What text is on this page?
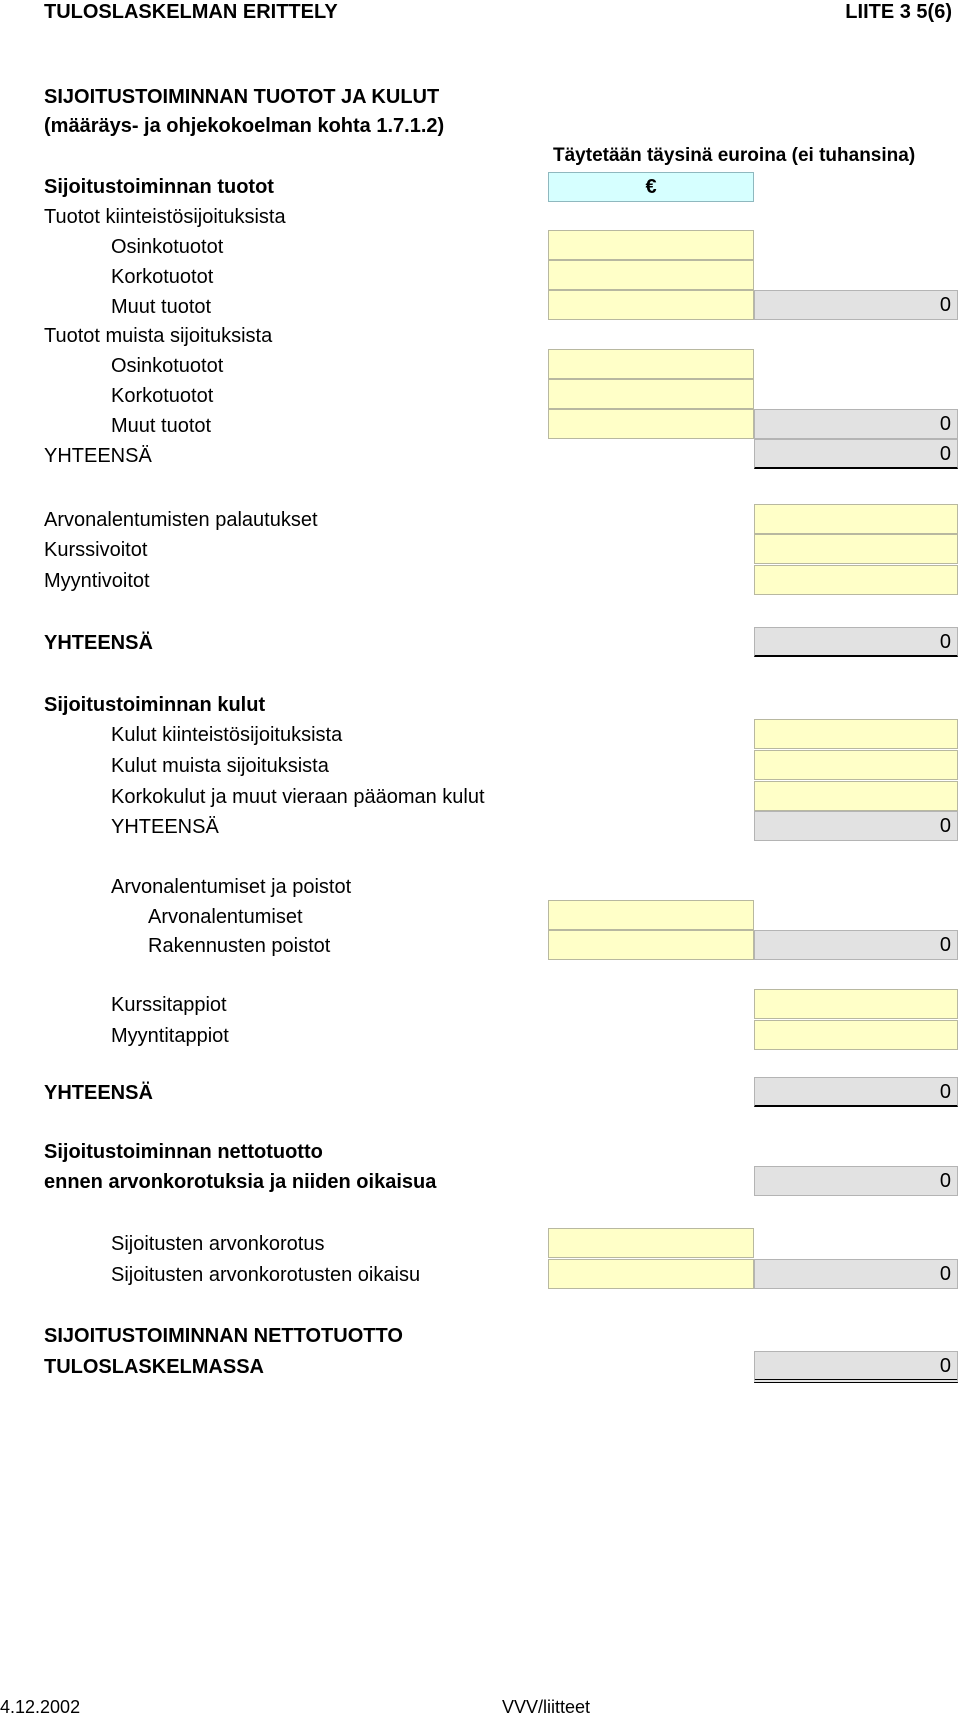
TULOSLASKELMAN ERITTELY	LIITE 3 5(6)
SIJOITUSTOIMINNAN TUOTOT JA KULUT
(määräys- ja ohjekokoelman kohta 1.7.1.2)
Täytetään täysinä euroina (ei tuhansina)
Sijoitustoiminnan tuotot	€
Tuotot kiinteistösijoituksista
Osinkotuotot
Korkotuotot
Muut tuotot	0
Tuotot muista sijoituksista
Osinkotuotot
Korkotuotot
Muut tuotot	0
YHTEENSÄ	0
Arvonalentumisten palautukset
Kurssivoitot
Myyntivoitot
YHTEENSÄ	0
Sijoitustoiminnan kulut
Kulut kiinteistösijoituksista
Kulut muista sijoituksista
Korkokulut ja muut vieraan pääoman kulut
YHTEENSÄ	0
Arvonalentumiset ja poistot
Arvonalentumiset
Rakennusten poistot	0
Kurssitappiot
Myyntitappiot
YHTEENSÄ	0
Sijoitustoiminnan nettotuotto
ennen arvonkorotuksia ja niiden oikaisua	0
Sijoitusten arvonkorotus
Sijoitusten arvonkorotusten oikaisu	0
SIJOITUSTOIMINNAN NETTOTUOTTO
TULOSLASKELMASSA	0
4.12.2002	VVV/liitteet
